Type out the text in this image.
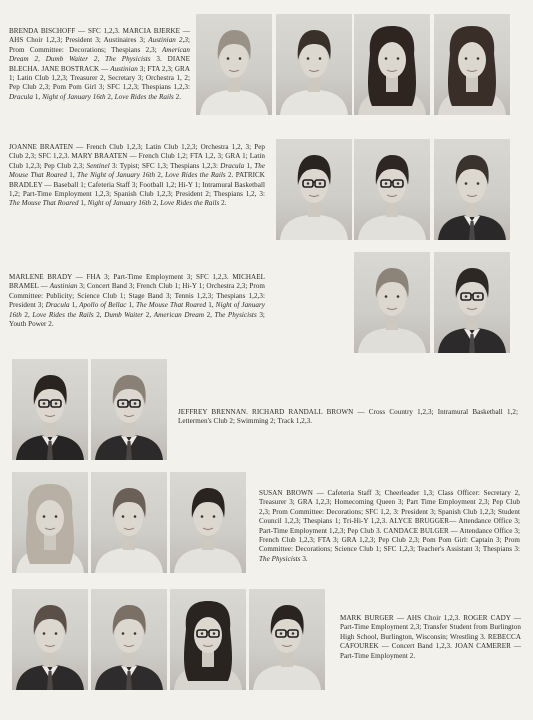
BRENDA BISCHOFF — SFC 1,2,3. MARCIA BJERKE — AHS Choir 1,2,3; President 3; Austinaires 3; Austinian 2,3; Prom Committee: Decorations; Thespians 2,3; American Dream 2, Dumb Waiter 2, The Physicists 3. DIANE BLECHA. JANE BOSTRACK — Austinian 3; FTA 2,3; GRA 1; Latin Club 1,2,3; Treasurer 2, Secretary 3; Orchestra 1, 2; Pep Club 2,3; Pom Pom Girl 3; SFC 1,2,3; Thespians 1,2,3: Dracula 1, Night of January 16th 2, Love Rides the Rails 2.

JOANNE BRAATEN — French Club 1,2,3; Latin Club 1,2,3; Orchestra 1,2, 3; Pep Club 2,3; SFC 1,2,3. MARY BRAATEN — French Club 1,2; FTA 1,2, 3; GRA 1; Latin Club 1,2,3; Pep Club 2,3; Sentinel 3: Typist; SFC 1,3; Thespians 1,2,3: Dracula 1, The Mouse That Roared 1, The Night of January 16th 2, Love Rides the Rails 2. PATRICK BRADLEY — Baseball 1; Cafeteria Staff 3; Football 1,2; Hi-Y 1; Intramural Basketball 1,2; Part-Time Employment 1,2,3; Spanish Club 1,2,3; President 2; Thespians 1,2, 3: The Mouse That Roared 1, Night of January 16th 2, Love Rides the Rails 2.

MARLENE BRADY — FHA 3; Part-Time Employment 3; SFC 1,2,3. MICHAEL BRAMEL — Austinian 3; Concert Band 3; French Club 1; Hi-Y 1; Orchestra 2,3; Prom Committee: Publicity; Science Club 1; Stage Band 3; Tennis 1,2,3; Thespians 1,2,3: President 3; Dracula 1, Apollo of Bellac 1, The Mouse That Roared 1, Night of January 16th 2, Love Rides the Rails 2, Dumb Waiter 2, American Dream 2, The Physicists 3; Youth Power 2.

JEFFREY BRENNAN. RICHARD RANDALL BROWN — Cross Country 1,2,3; Intramural Basketball 1,2; Lettermen's Club 2; Swimming 2; Track 1,2,3.

SUSAN BROWN — Cafeteria Staff 3; Cheerleader 1,3; Class Officer: Secretary 2, Treasurer 3; GRA 1,2,3; Homecoming Queen 3; Part Time Employment 2,3; Pep Club 2,3; Prom Committee: Decorations; SFC 1,2, 3: President 3; Spanish Club 1,2,3; Student Council 1,2,3; Thespians 1; Tri-Hi-Y 1,2,3. ALYCE BRUGGER— Attendance Office 3; Part-Time Employment 1,2,3; Pep Club 3. CANDACE BULGER — Attendance Office 3; French Club 1,2,3; FTA 3; GRA 1,2,3; Pep Club 2,3; Pom Pom Girl: Captain 3; Prom Committee: Decorations; Science Club 1; SFC 1,2,3; Teacher's Assistant 3; Thespians 3: The Physicists 3.

MARK BURGER — AHS Choir 1,2,3. ROGER CADY — Part-Time Employment 2,3; Transfer Student from Burlington High School, Burlington, Wisconsin; Wrestling 3. REBECCA CAFOUREK — Concert Band 1,2,3. JOAN CAMERER — Part-Time Employment 2.
